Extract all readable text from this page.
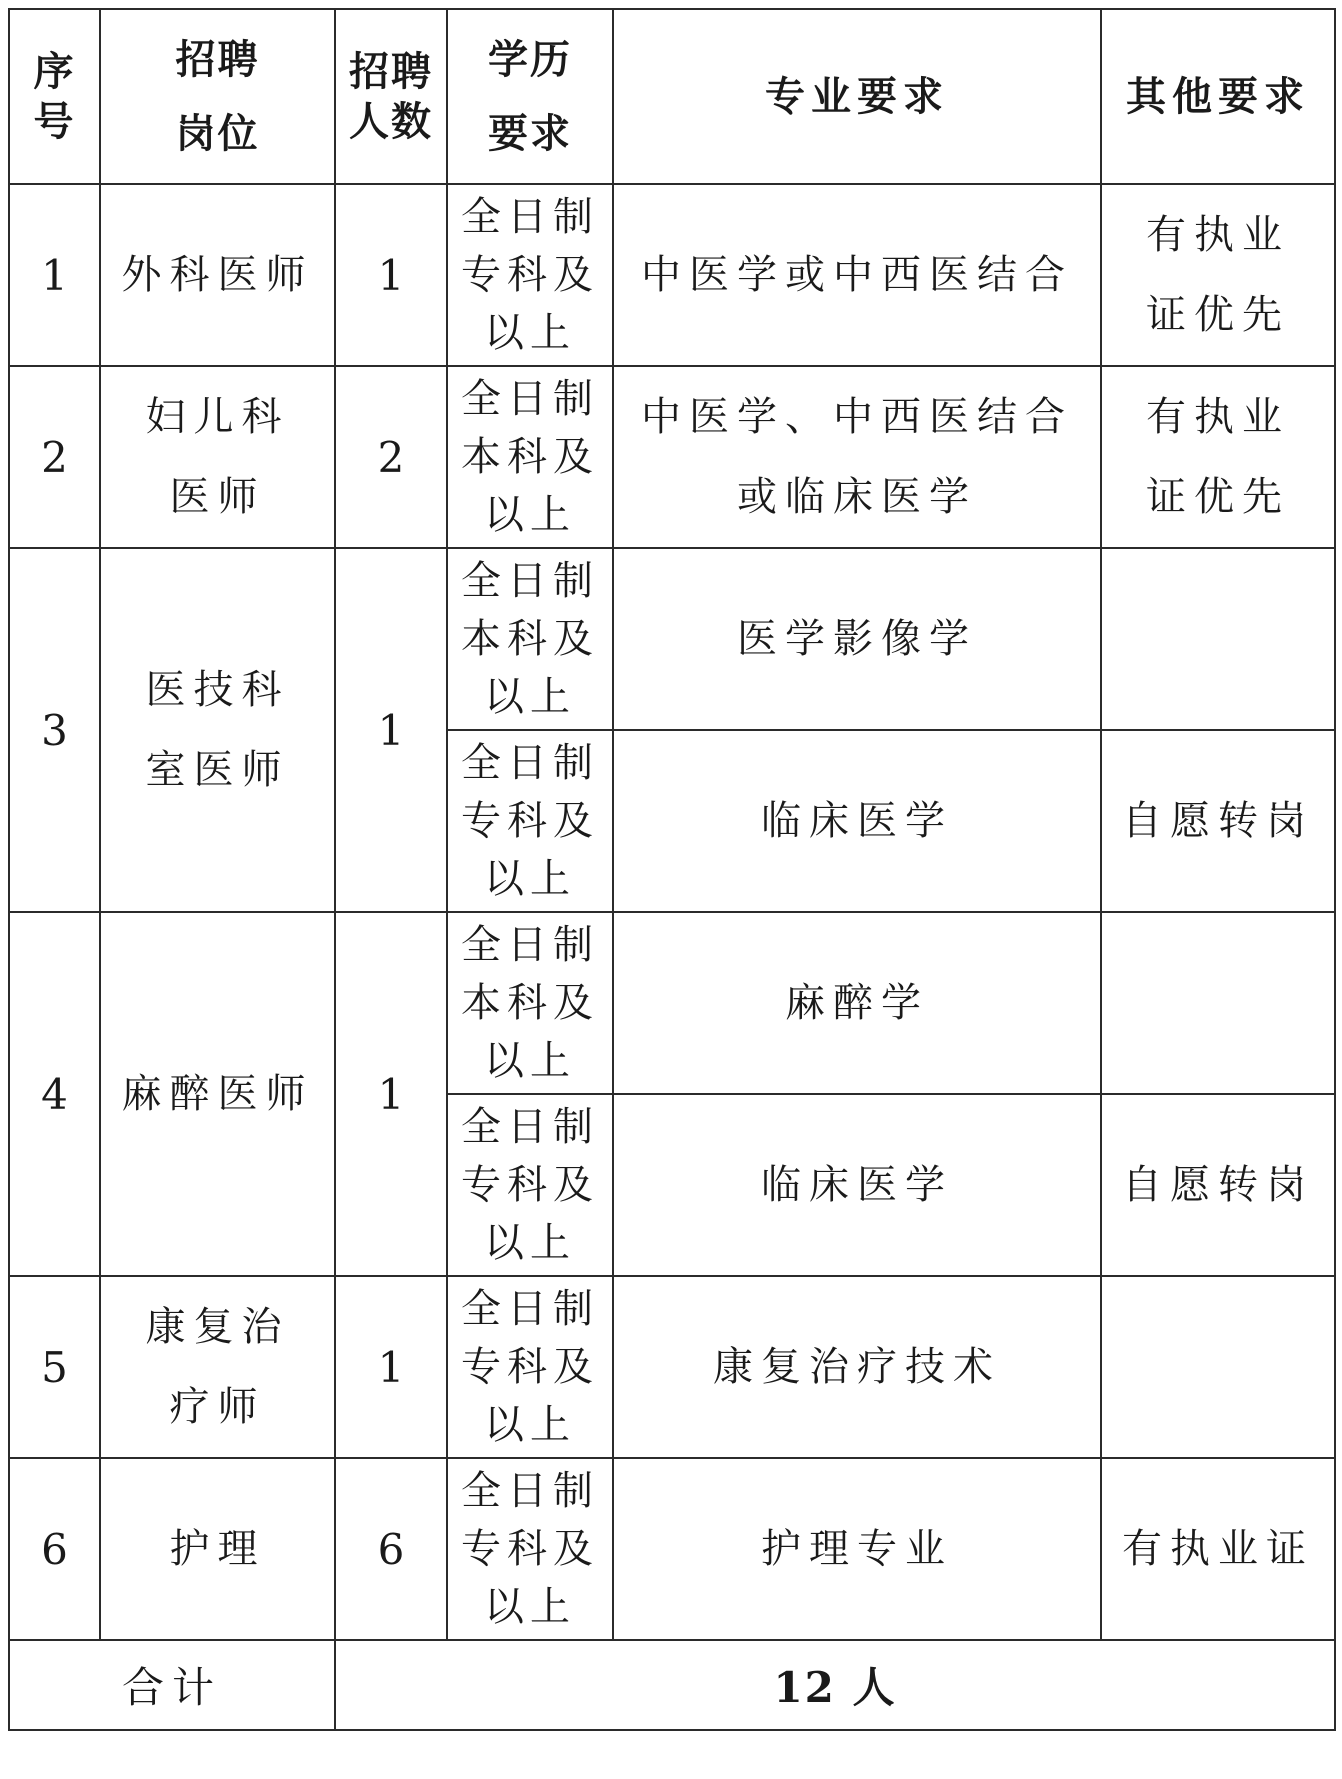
序号	招聘岗位	招聘人数	学历要求	专业要求	其他要求
1	外科医师	1	全日制
专科及
以上	中医学或中西医结合	有执业证优先
2	妇儿科医师	2	全日制
本科及
以上	中医学、中西医结合或临床医学	有执业证优先
3	医技科室医师	1	全日制
本科及
以上	医学影像学	

			全日制
专科及
以上	临床医学	自愿转岗
4	麻醉医师	1	全日制
本科及
以上	麻醉学	

			全日制
专科及
以上	临床医学	自愿转岗
5	康复治疗师	1	全日制
专科及
以上	康复治疗技术	
6	护理	6	全日制
专科及
以上	护理专业	有执业证
合计		12 人			
